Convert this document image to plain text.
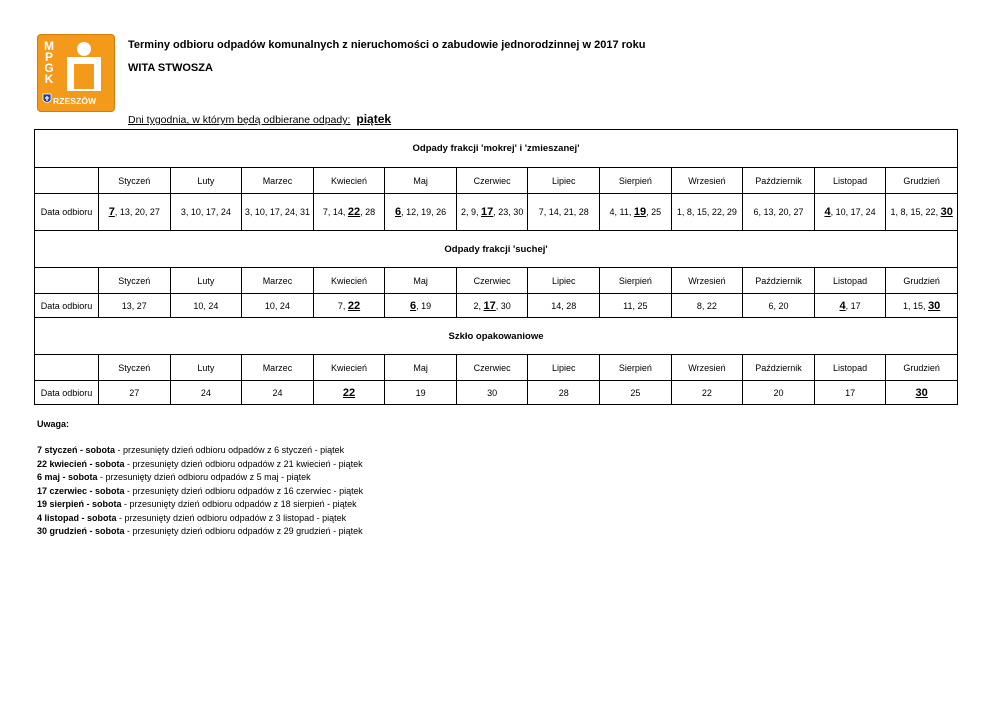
M
P
G
K
RZESZÓW
Terminy odbioru odpadów komunalnych z nieruchomości o zabudowie jednorodzinnej w 2017 roku
WITA STWOSZA
Dni tygodnia, w którym będą odbierane odpady: piątek
Odpady frakcji 'mokrej' i 'zmieszanej'												
	Styczeń	Luty	Marzec	Kwiecień	Maj	Czerwiec	Lipiec	Sierpień	Wrzesień	Październik	Listopad	Grudzień
Data odbioru	7, 13, 20, 27	3, 10, 17, 24	3, 10, 17, 24, 31	7, 14, 22, 28	6, 12, 19, 26	2, 9, 17, 23, 30	7, 14, 21, 28	4, 11, 19, 25	1, 8, 15, 22, 29	6, 13, 20, 27	4, 10, 17, 24	1, 8, 15, 22, 30
Odpady frakcji 'suchej'												
	Styczeń	Luty	Marzec	Kwiecień	Maj	Czerwiec	Lipiec	Sierpień	Wrzesień	Październik	Listopad	Grudzień
Data odbioru	13, 27	10, 24	10, 24	7, 22	6, 19	2, 17, 30	14, 28	11, 25	8, 22	6, 20	4, 17	1, 15, 30
Szkło opakowaniowe												
	Styczeń	Luty	Marzec	Kwiecień	Maj	Czerwiec	Lipiec	Sierpień	Wrzesień	Październik	Listopad	Grudzień
Data odbioru	27	24	24	22	19	30	28	25	22	20	17	30
Uwaga:
7 styczeń - sobota - przesunięty dzień odbioru odpadów z 6 styczeń - piątek
22 kwiecień - sobota - przesunięty dzień odbioru odpadów z 21 kwiecień - piątek
6 maj - sobota - przesunięty dzień odbioru odpadów z 5 maj - piątek
17 czerwiec - sobota - przesunięty dzień odbioru odpadów z 16 czerwiec - piątek
19 sierpień - sobota - przesunięty dzień odbioru odpadów z 18 sierpień - piątek
4 listopad - sobota - przesunięty dzień odbioru odpadów z 3 listopad - piątek
30 grudzień - sobota - przesunięty dzień odbioru odpadów z 29 grudzień - piątek
